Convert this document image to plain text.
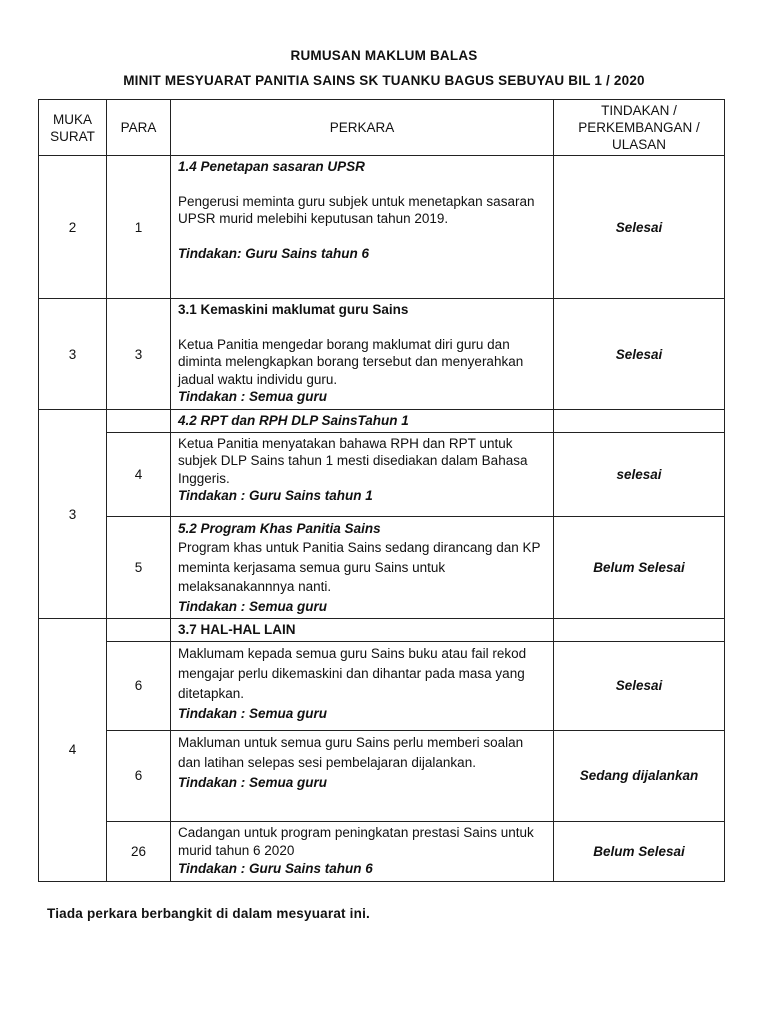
RUMUSAN MAKLUM BALAS
MINIT MESYUARAT PANITIA SAINS SK TUANKU BAGUS SEBUYAU BIL 1 / 2020
MUKA
SURAT	PARA	PERKARA	TINDAKAN /
PERKEMBANGAN /
ULASAN

2	1	1.4 Penetapan sasaran UPSR
Pengerusi meminta guru subjek untuk menetapkan sasaran UPSR murid melebihi keputusan tahun 2019.
Tindakan: Guru Sains tahun 6	Selesai
3	3	3.1 Kemaskini maklumat guru Sains
Ketua Panitia mengedar borang maklumat diri guru dan diminta melengkapkan borang tersebut dan menyerahkan jadual waktu individu guru.
Tindakan : Semua guru	Selesai
3		4.2 RPT dan RPH DLP SainsTahun 1	

	4	Ketua Panitia menyatakan bahawa RPH dan RPT untuk subjek DLP Sains tahun 1 mesti disediakan dalam Bahasa Inggeris.
Tindakan : Guru Sains tahun 1	selesai
	5	5.2 Program Khas Panitia Sains
Program khas untuk Panitia Sains sedang dirancang dan KP meminta kerjasama semua guru Sains untuk melaksanakannnya nanti.
Tindakan : Semua guru	Belum Selesai
4		3.7 HAL-HAL LAIN	

	6	Maklumam kepada semua guru Sains buku atau fail rekod mengajar perlu dikemaskini dan dihantar pada masa yang ditetapkan.
Tindakan : Semua guru	Selesai
	6	Makluman untuk semua guru Sains perlu memberi soalan dan latihan selepas sesi pembelajaran dijalankan.
Tindakan : Semua guru	Sedang dijalankan
	26	Cadangan untuk program peningkatan prestasi Sains untuk murid tahun 6 2020
Tindakan : Guru Sains tahun 6	Belum Selesai
Tiada perkara berbangkit di dalam mesyuarat ini.
